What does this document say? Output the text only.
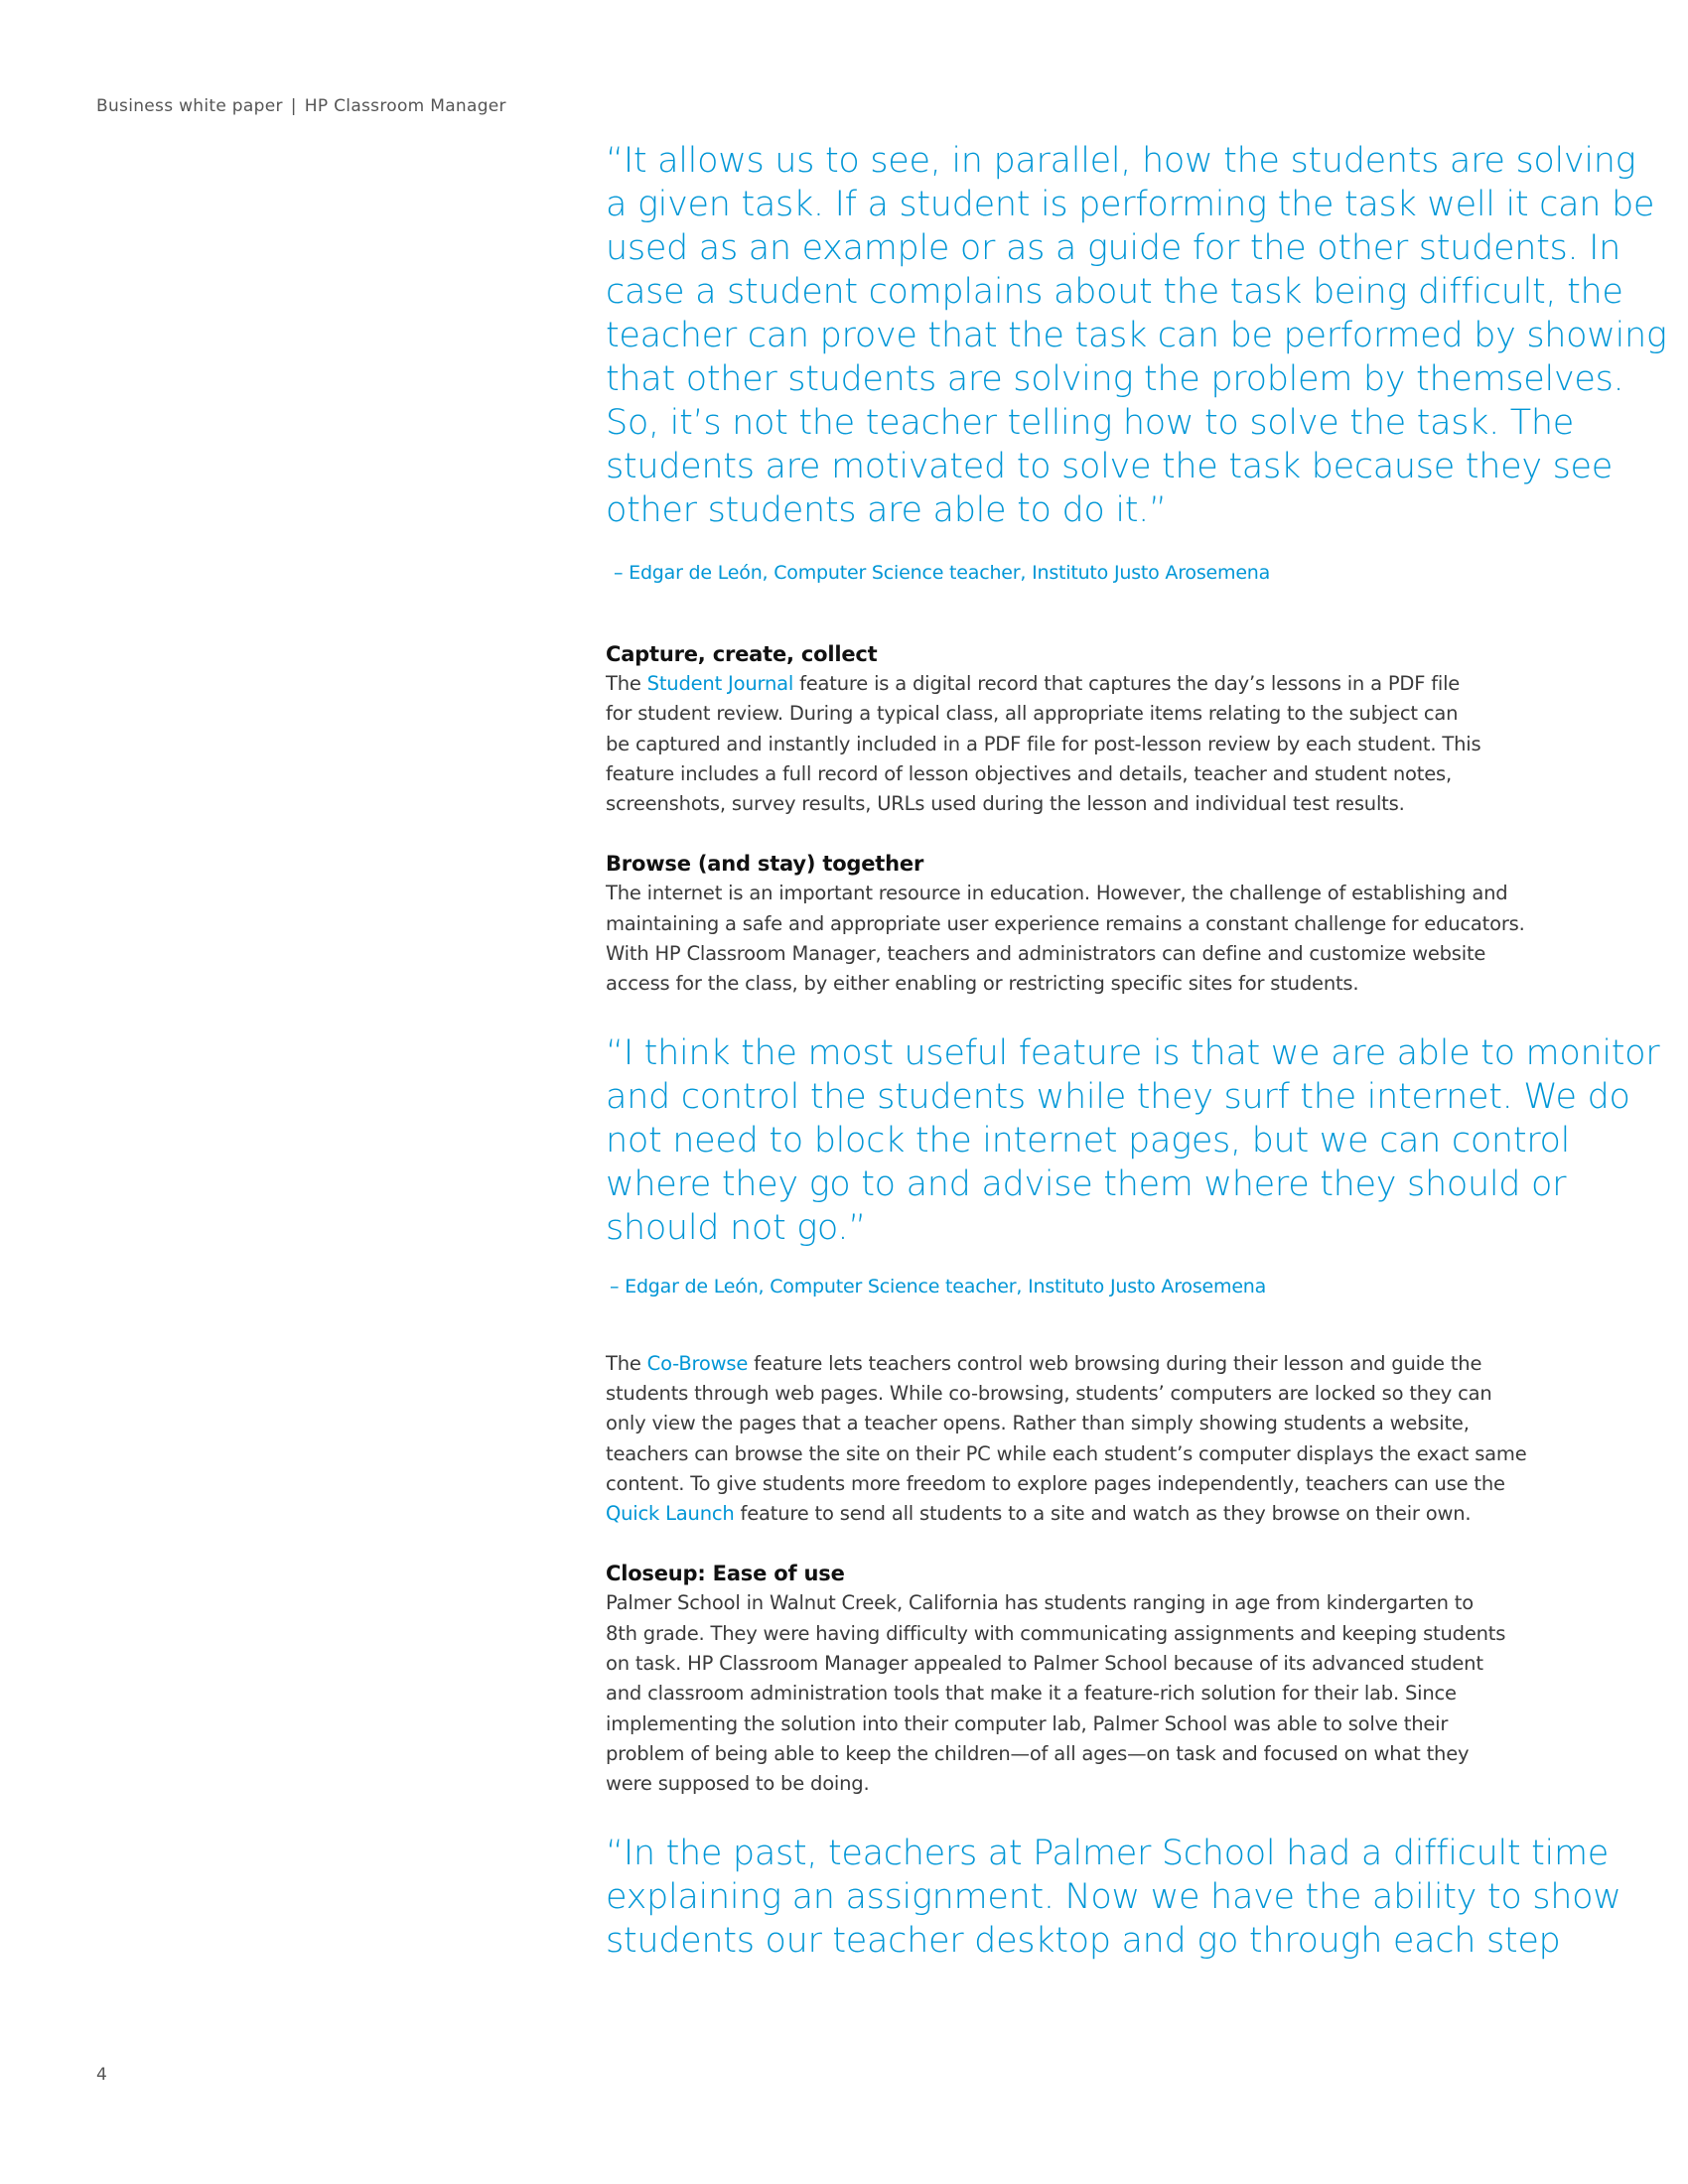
Business white paper | HP Classroom Manager
“It allows us to see, in parallel, how the students are solving
a given task. If a student is performing the task well it can be
used as an example or as a guide for the other students. In
case a student complains about the task being difficult, the
teacher can prove that the task can be performed by showing
that other students are solving the problem by themselves.
So, it’s not the teacher telling how to solve the task. The
students are motivated to solve the task because they see
other students are able to do it.”

– Edgar de León, Computer Science teacher, Instituto Justo Arosemena

Capture, create, collect
The Student Journal feature is a digital record that captures the day’s lessons in a PDF file
for student review. During a typical class, all appropriate items relating to the subject can
be captured and instantly included in a PDF file for post-lesson review by each student. This
feature includes a full record of lesson objectives and details, teacher and student notes,
screenshots, survey results, URLs used during the lesson and individual test results.
Browse (and stay) together
The internet is an important resource in education. However, the challenge of establishing and
maintaining a safe and appropriate user experience remains a constant challenge for educators.
With HP Classroom Manager, teachers and administrators can define and customize website
access for the class, by either enabling or restricting specific sites for students.
“I think the most useful feature is that we are able to monitor
and control the students while they surf the internet. We do
not need to block the internet pages, but we can control
where they go to and advise them where they should or
should not go.”

– Edgar de León, Computer Science teacher, Instituto Justo Arosemena

The Co-Browse feature lets teachers control web browsing during their lesson and guide the
students through web pages. While co-browsing, students’ computers are locked so they can
only view the pages that a teacher opens. Rather than simply showing students a website,
teachers can browse the site on their PC while each student’s computer displays the exact same
content. To give students more freedom to explore pages independently, teachers can use the
Quick Launch feature to send all students to a site and watch as they browse on their own.
Closeup: Ease of use
Palmer School in Walnut Creek, California has students ranging in age from kindergarten to
8th grade. They were having difficulty with communicating assignments and keeping students
on task. HP Classroom Manager appealed to Palmer School because of its advanced student
and classroom administration tools that make it a feature-rich solution for their lab. Since
implementing the solution into their computer lab, Palmer School was able to solve their
problem of being able to keep the children—of all ages—on task and focused on what they
were supposed to be doing.
“In the past, teachers at Palmer School had a difficult time
explaining an assignment. Now we have the ability to show
students our teacher desktop and go through each step
4
